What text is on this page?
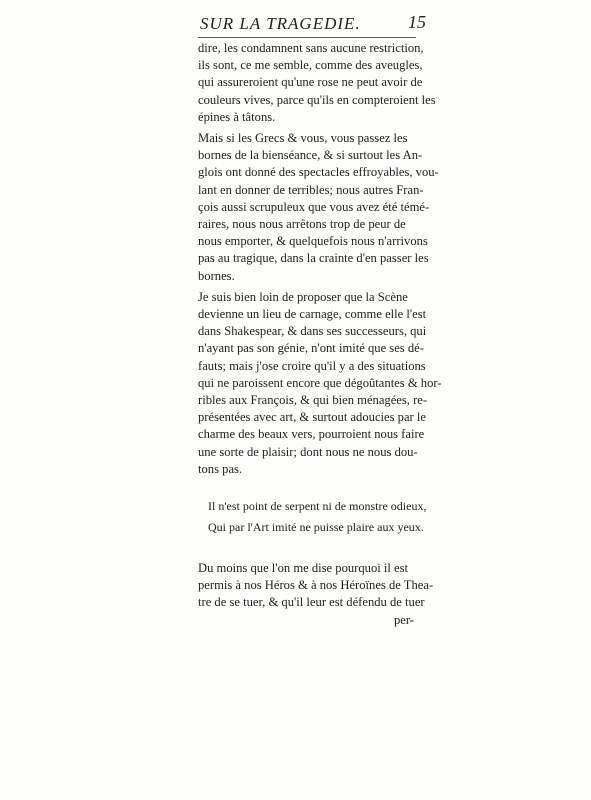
SUR LA TRAGEDIE.	15

dire, les condamnent sans aucune restriction,
ils sont, ce me semble, comme des aveugles,
qui assureroient qu'une rose ne peut avoir de
couleurs vives, parce qu'ils en compteroient les
épines à tâtons.

Mais si les Grecs & vous, vous passez les
bornes de la bienséance, & si surtout les An-
glois ont donné des spectacles effroyables, vou-
lant en donner de terribles; nous autres Fran-
çois aussi scrupuleux que vous avez été témé-
raires, nous nous arrêtons trop de peur de
nous emporter, & quelquefois nous n'arrivons
pas au tragique, dans la crainte d'en passer les
bornes.

Je suis bien loin de proposer que la Scène
devienne un lieu de carnage, comme elle l'est
dans Shakespear, & dans ses successeurs, qui
n'ayant pas son génie, n'ont imité que ses dé-
fauts; mais j'ose croire qu'il y a des situations
qui ne paroissent encore que dégoûtantes & hor-
ribles aux François, & qui bien ménagées, re-
présentées avec art, & surtout adoucies par le
charme des beaux vers, pourroient nous faire
une sorte de plaisir; dont nous ne nous dou-
tons pas.

Il n'est point de serpent ni de monstre odieux,
Qui par l'Art imité ne puisse plaire aux yeux.

Du moins que l'on me dise pourquoi il est
permis à nos Héros & à nos Héroïnes de Thea-
tre de se tuer, & qu'il leur est défendu de tuer

per-
